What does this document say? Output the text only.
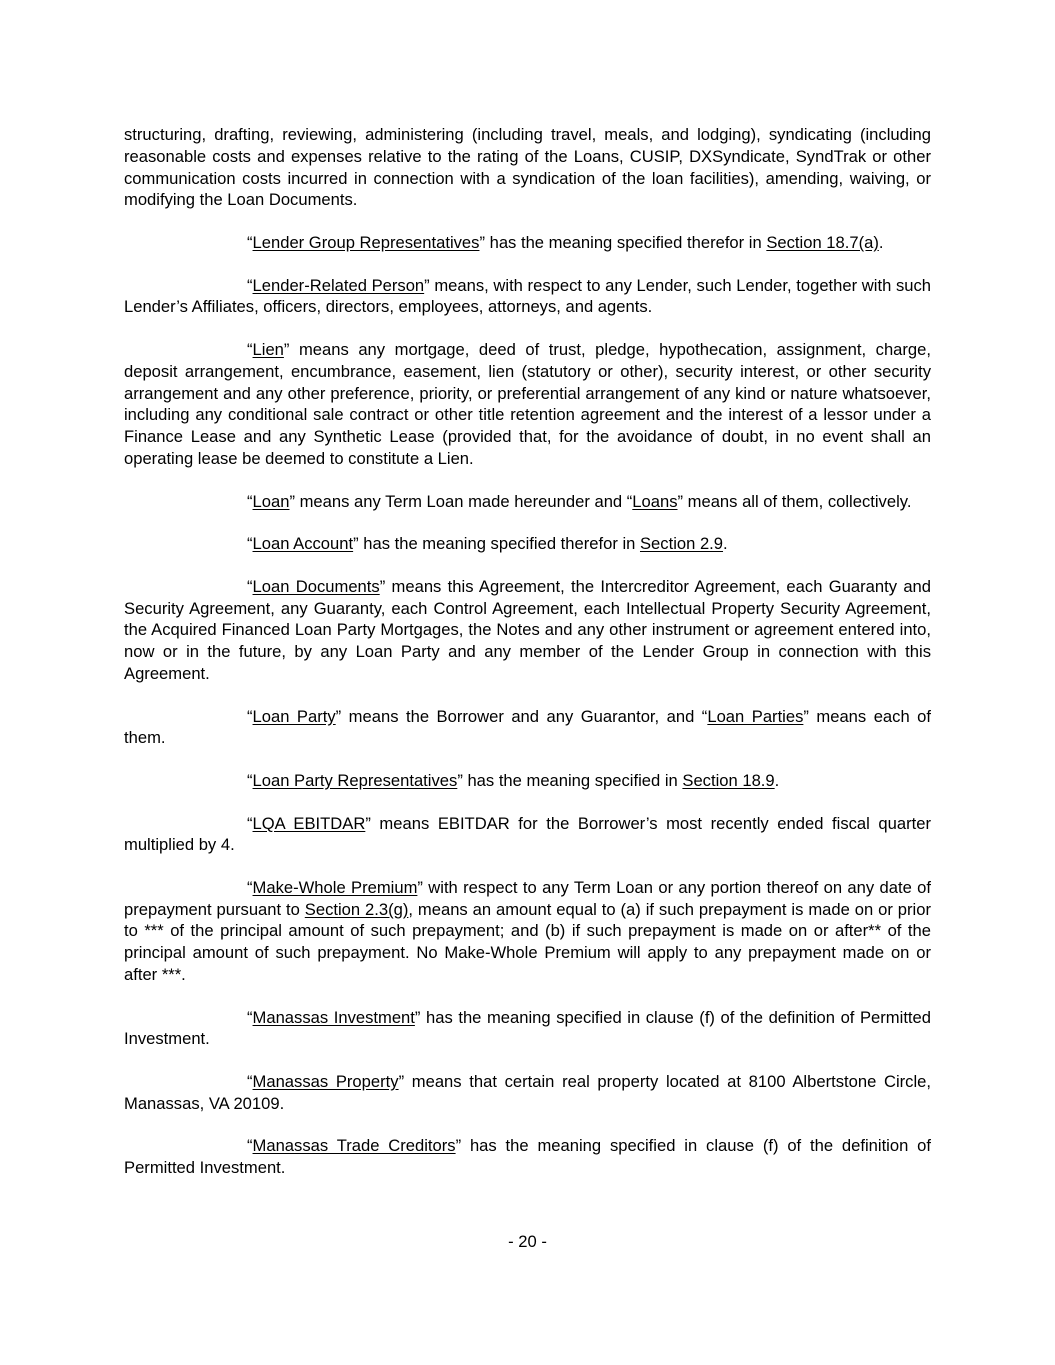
structuring, drafting, reviewing, administering (including travel, meals, and lodging), syndicating (including reasonable costs and expenses relative to the rating of the Loans, CUSIP, DXSyndicate, SyndTrak or other communication costs incurred in connection with a syndication of the loan facilities), amending, waiving, or modifying the Loan Documents.

“Lender Group Representatives” has the meaning specified therefor in Section 18.7(a).

“Lender-Related Person” means, with respect to any Lender, such Lender, together with such Lender’s Affiliates, officers, directors, employees, attorneys, and agents.

“Lien” means any mortgage, deed of trust, pledge, hypothecation, assignment, charge, deposit arrangement, encumbrance, easement, lien (statutory or other), security interest, or other security arrangement and any other preference, priority, or preferential arrangement of any kind or nature whatsoever, including any conditional sale contract or other title retention agreement and the interest of a lessor under a Finance Lease and any Synthetic Lease (provided that, for the avoidance of doubt, in no event shall an operating lease be deemed to constitute a Lien.

“Loan” means any Term Loan made hereunder and “Loans” means all of them, collectively.

“Loan Account” has the meaning specified therefor in Section 2.9.

“Loan Documents” means this Agreement, the Intercreditor Agreement, each Guaranty and Security Agreement, any Guaranty, each Control Agreement, each Intellectual Property Security Agreement, the Acquired Financed Loan Party Mortgages, the Notes and any other instrument or agreement entered into, now or in the future, by any Loan Party and any member of the Lender Group in connection with this Agreement.

“Loan Party” means the Borrower and any Guarantor, and “Loan Parties” means each of them.

“Loan Party Representatives” has the meaning specified in Section 18.9.

“LQA EBITDAR” means EBITDAR for the Borrower’s most recently ended fiscal quarter multiplied by 4.

“Make-Whole Premium” with respect to any Term Loan or any portion thereof on any date of prepayment pursuant to Section 2.3(g), means an amount equal to (a) if such prepayment is made on or prior to *** of the principal amount of such prepayment; and (b) if such prepayment is made on or after** of the principal amount of such prepayment. No Make-Whole Premium will apply to any prepayment made on or after ***.

“Manassas Investment” has the meaning specified in clause (f) of the definition of Permitted Investment.

“Manassas Property” means that certain real property located at 8100 Albertstone Circle, Manassas, VA 20109.

“Manassas Trade Creditors” has the meaning specified in clause (f) of the definition of Permitted Investment.

- 20 -
